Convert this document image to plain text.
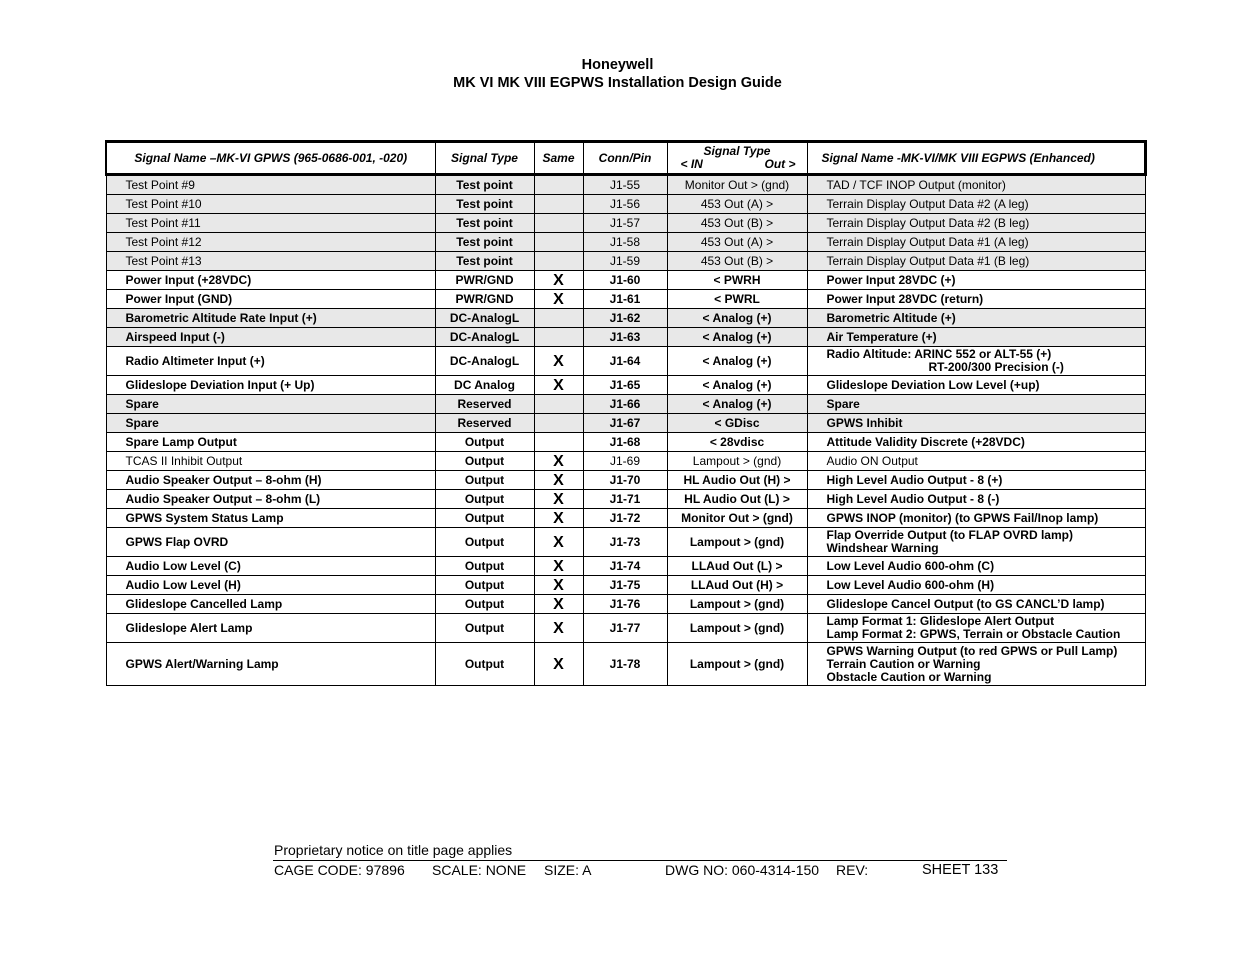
Honeywell
MK VI MK VIII EGPWS Installation Design Guide
Signal Name –MK-VI GPWS (965-0686-001, -020)	Signal Type	Same	Conn/Pin	Signal Type
< IN Out >	Signal Name -MK-VI/MK VIII EGPWS (Enhanced)
Test Point #9	Test point		J1-55	Monitor Out > (gnd)	TAD / TCF INOP Output (monitor)

Test Point #10	Test point		J1-56	453 Out (A) >	Terrain Display Output Data #2 (A leg)

Test Point #11	Test point		J1-57	453 Out (B) >	Terrain Display Output Data #2 (B leg)

Test Point #12	Test point		J1-58	453 Out (A) >	Terrain Display Output Data #1 (A leg)

Test Point #13	Test point		J1-59	453 Out (B) >	Terrain Display Output Data #1 (B leg)

Power Input (+28VDC)	PWR/GND	X	J1-60	< PWRH	Power Input 28VDC (+)

Power Input (GND)	PWR/GND	X	J1-61	< PWRL	Power Input 28VDC (return)

Barometric Altitude Rate Input (+)	DC-AnalogL		J1-62	< Analog (+)	Barometric Altitude (+)

Airspeed Input (-)	DC-AnalogL		J1-63	< Analog (+)	Air Temperature (+)

Radio Altimeter Input (+)	DC-AnalogL	X	J1-64	< Analog (+)	Radio Altitude: ARINC 552 or ALT-55 (+)
RT-200/300 Precision (-)

Glideslope Deviation Input (+ Up)	DC Analog	X	J1-65	< Analog (+)	Glideslope Deviation Low Level (+up)

Spare	Reserved		J1-66	< Analog (+)	Spare

Spare	Reserved		J1-67	< GDisc	GPWS Inhibit

Spare Lamp Output	Output		J1-68	< 28vdisc	Attitude Validity Discrete (+28VDC)

TCAS II Inhibit Output	Output	X	J1-69	Lampout > (gnd)	Audio ON Output

Audio Speaker Output – 8-ohm (H)	Output	X	J1-70	HL Audio Out (H) >	High Level Audio Output - 8 (+)

Audio Speaker Output – 8-ohm (L)	Output	X	J1-71	HL Audio Out (L) >	High Level Audio Output - 8 (-)

GPWS System Status Lamp	Output	X	J1-72	Monitor Out > (gnd)	GPWS INOP (monitor) (to GPWS Fail/Inop lamp)

GPWS Flap OVRD	Output	X	J1-73	Lampout > (gnd)	Flap Override Output (to FLAP OVRD lamp)
Windshear Warning

Audio Low Level (C)	Output	X	J1-74	LLAud Out (L) >	Low Level Audio 600-ohm (C)

Audio Low Level (H)	Output	X	J1-75	LLAud Out (H) >	Low Level Audio 600-ohm (H)

Glideslope Cancelled Lamp	Output	X	J1-76	Lampout > (gnd)	Glideslope Cancel Output (to GS CANCL’D lamp)

Glideslope Alert Lamp	Output	X	J1-77	Lampout > (gnd)	Lamp Format 1: Glideslope Alert Output
Lamp Format 2: GPWS, Terrain or Obstacle Caution

GPWS Alert/Warning Lamp	Output	X	J1-78	Lampout > (gnd)	GPWS Warning Output (to red GPWS or Pull Lamp)
Terrain Caution or Warning
Obstacle Caution or Warning
Proprietary notice on title page applies
CAGE CODE: 97896 SCALE: NONE SIZE: A	DWG NO: 060-4314-150 REV:	SHEET 133
